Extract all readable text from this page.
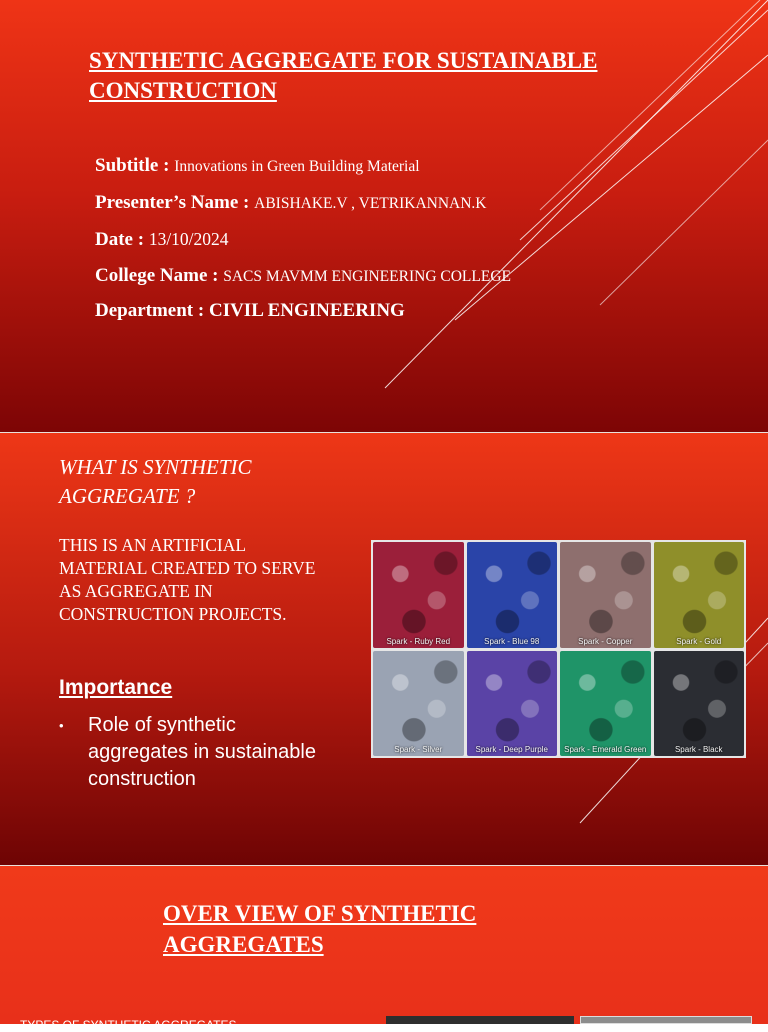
SYNTHETIC AGGREGATE FOR SUSTAINABLE CONSTRUCTION
Subtitle : Innovations in Green Building Material
Presenter’s Name : ABISHAKE.V , VETRIKANNAN.K
Date : 13/10/2024
College Name : SACS MAVMM ENGINEERING COLLEGE
Department : CIVIL ENGINEERING
WHAT IS SYNTHETIC AGGREGATE ?
THIS IS AN ARTIFICIAL MATERIAL CREATED TO SERVE AS AGGREGATE IN CONSTRUCTION PROJECTS.
Importance
• Role of synthetic aggregates in sustainable construction
Spark - Ruby Red	Spark - Blue 98	Spark - Copper	Spark - Gold
Spark - Silver	Spark - Deep Purple	Spark - Emerald Green	Spark - Black
OVER VIEW OF SYNTHETIC AGGREGATES
TYPES OF SYNTHETIC AGGREGATES
